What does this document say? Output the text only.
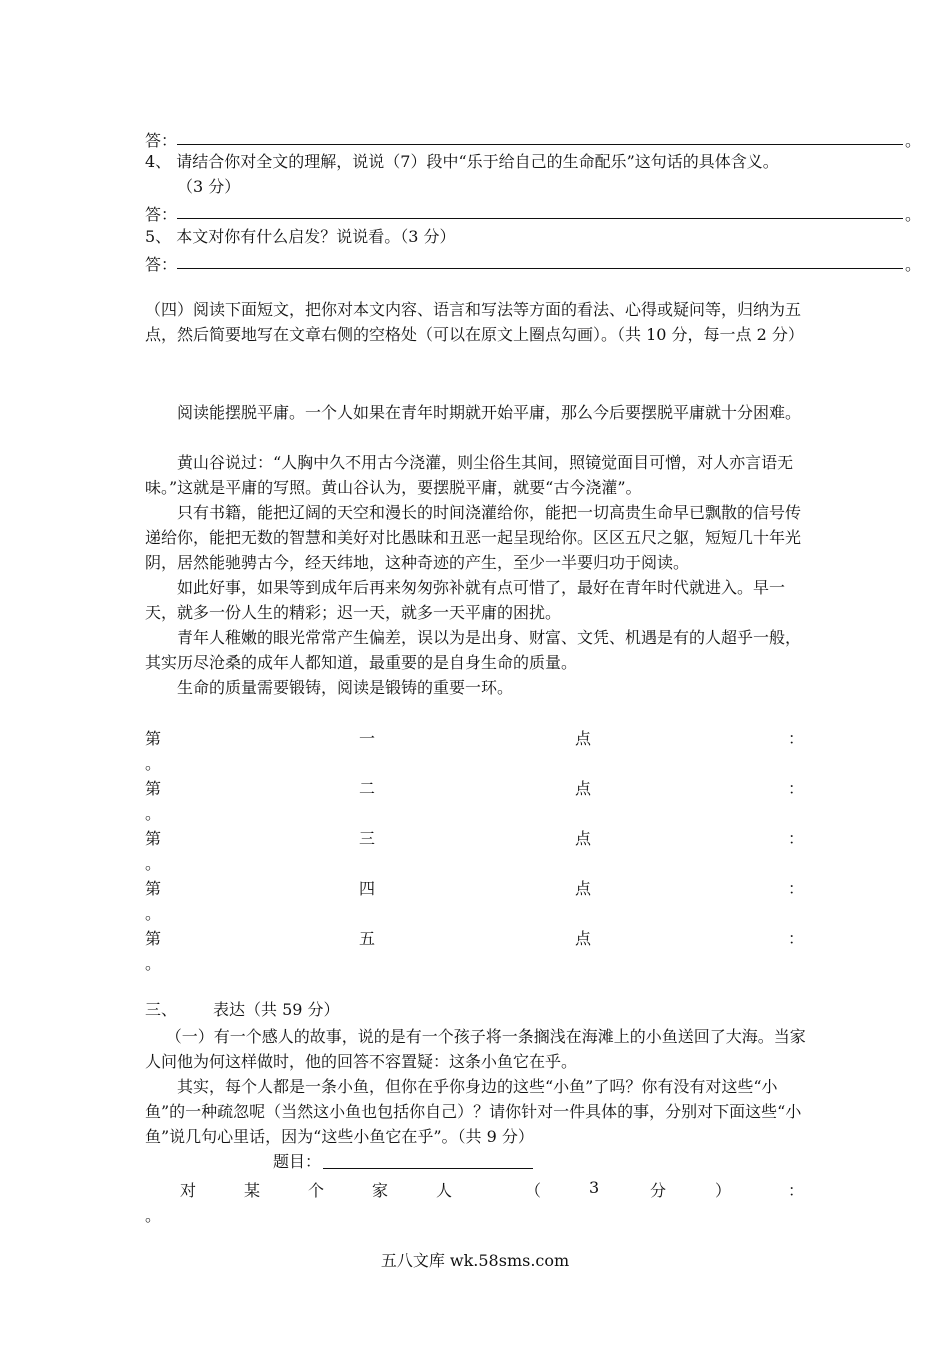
答：	。
4、 请结合你对全文的理解，说说（7）段中“乐于给自己的生命配乐”这句话的具体含义。
（3 分）
答：	。
5、 本文对你有什么启发？说说看。（3 分）
答：	。
（四）阅读下面短文，把你对本文内容、语言和写法等方面的看法、心得或疑问等，归纳为五点，然后简要地写在文章右侧的空格处（可以在原文上圈点勾画）。（共 10 分，每一点 2 分）
阅读能摆脱平庸。一个人如果在青年时期就开始平庸，那么今后要摆脱平庸就十分困难。
黄山谷说过：“人胸中久不用古今浇灌，则尘俗生其间，照镜觉面目可憎，对人亦言语无味。”这就是平庸的写照。黄山谷认为，要摆脱平庸，就要“古今浇灌”。
只有书籍，能把辽阔的天空和漫长的时间浇灌给你，能把一切高贵生命早已飘散的信号传递给你，能把无数的智慧和美好对比愚昧和丑恶一起呈现给你。区区五尺之躯，短短几十年光阴，居然能驰骋古今，经天纬地，这种奇迹的产生，至少一半要归功于阅读。
如此好事，如果等到成年后再来匆匆弥补就有点可惜了，最好在青年时代就进入。早一天，就多一份人生的精彩；迟一天，就多一天平庸的困扰。
青年人稚嫩的眼光常常产生偏差，误以为是出身、财富、文凭、机遇是有的人超乎一般，其实历尽沧桑的成年人都知道，最重要的是自身生命的质量。
生命的质量需要锻铸，阅读是锻铸的重要一环。
第	一	点	：
。
第	二	点	：
。
第	三	点	：
。
第	四	点	：
。
第	五	点	：
。
三、 表达（共 59 分）
（一）有一个感人的故事，说的是有一个孩子将一条搁浅在海滩上的小鱼送回了大海。当家人问他为何这样做时，他的回答不容置疑：这条小鱼它在乎。
其实，每个人都是一条小鱼，但你在乎你身边的这些“小鱼”了吗？你有没有对这些“小鱼”的一种疏忽呢（当然这小鱼也包括你自己）？请你针对一件具体的事，分别对下面这些“小鱼”说几句心里话，因为“这些小鱼它在乎”。（共 9 分）
题目：
对	某	个	家	人	（	3	分	）	：
。
五八文库 wk.58sms.com
